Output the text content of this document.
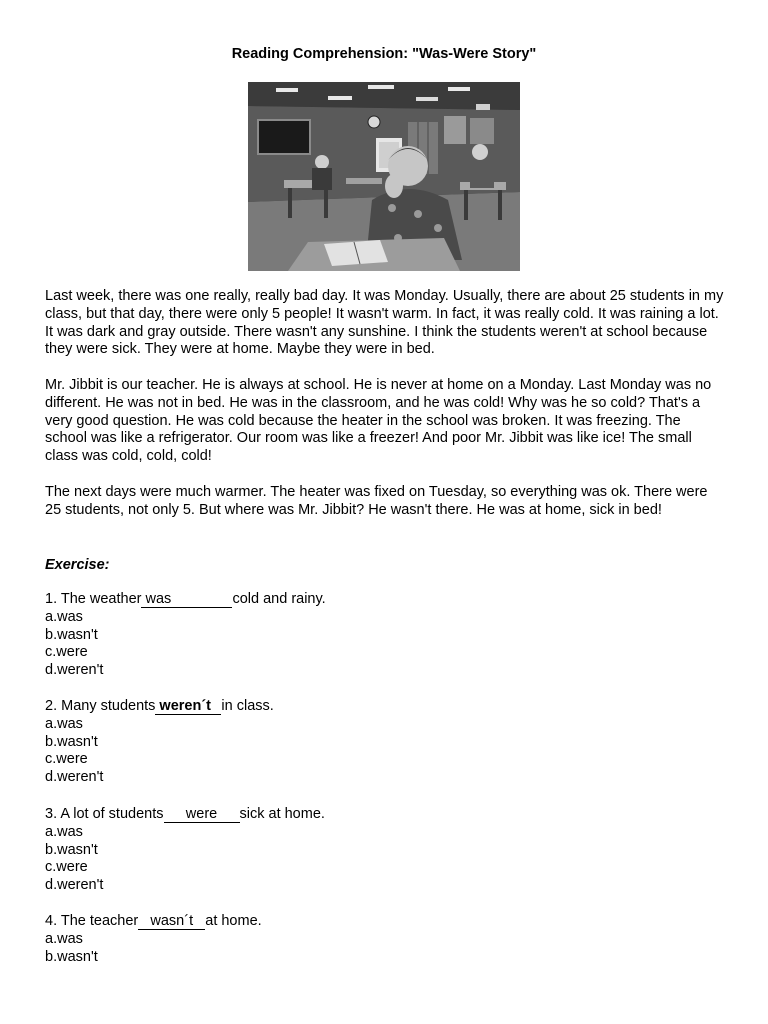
Reading Comprehension: "Was-Were Story"

Last week, there was one really, really bad day. It was Monday. Usually, there are about 25 students in my class, but that day, there were only 5 people! It wasn't warm. In fact, it was really cold. It was raining a lot. It was dark and gray outside. There wasn't any sunshine. I think the students weren't at school because they were sick. They were at home. Maybe they were in bed.

Mr. Jibbit is our teacher. He is always at school. He is never at home on a Monday. Last Monday was no different. He was not in bed. He was in the classroom, and he was cold! Why was he so cold? That's a very good question. He was cold because the heater in the school was broken. It was freezing. The school was like a refrigerator. Our room was like a freezer! And poor Mr. Jibbit was like ice! The small class was cold, cold, cold!

The next days were much warmer. The heater was fixed on Tuesday, so everything was ok. There were 25 students, not only 5. But where was Mr. Jibbit? He wasn't there. He was at home, sick in bed!

Exercise:
1. The weather was	cold and rainy.
a.was
b.wasn't
c.were
d.weren't
2. Many students weren´t in class.
a.was
b.wasn't
c.were
d.weren't
3. A lot of students were sick at home.
a.was
b.wasn't
c.were
d.weren't
4. The teacher wasn´t at home.
a.was
b.wasn't
